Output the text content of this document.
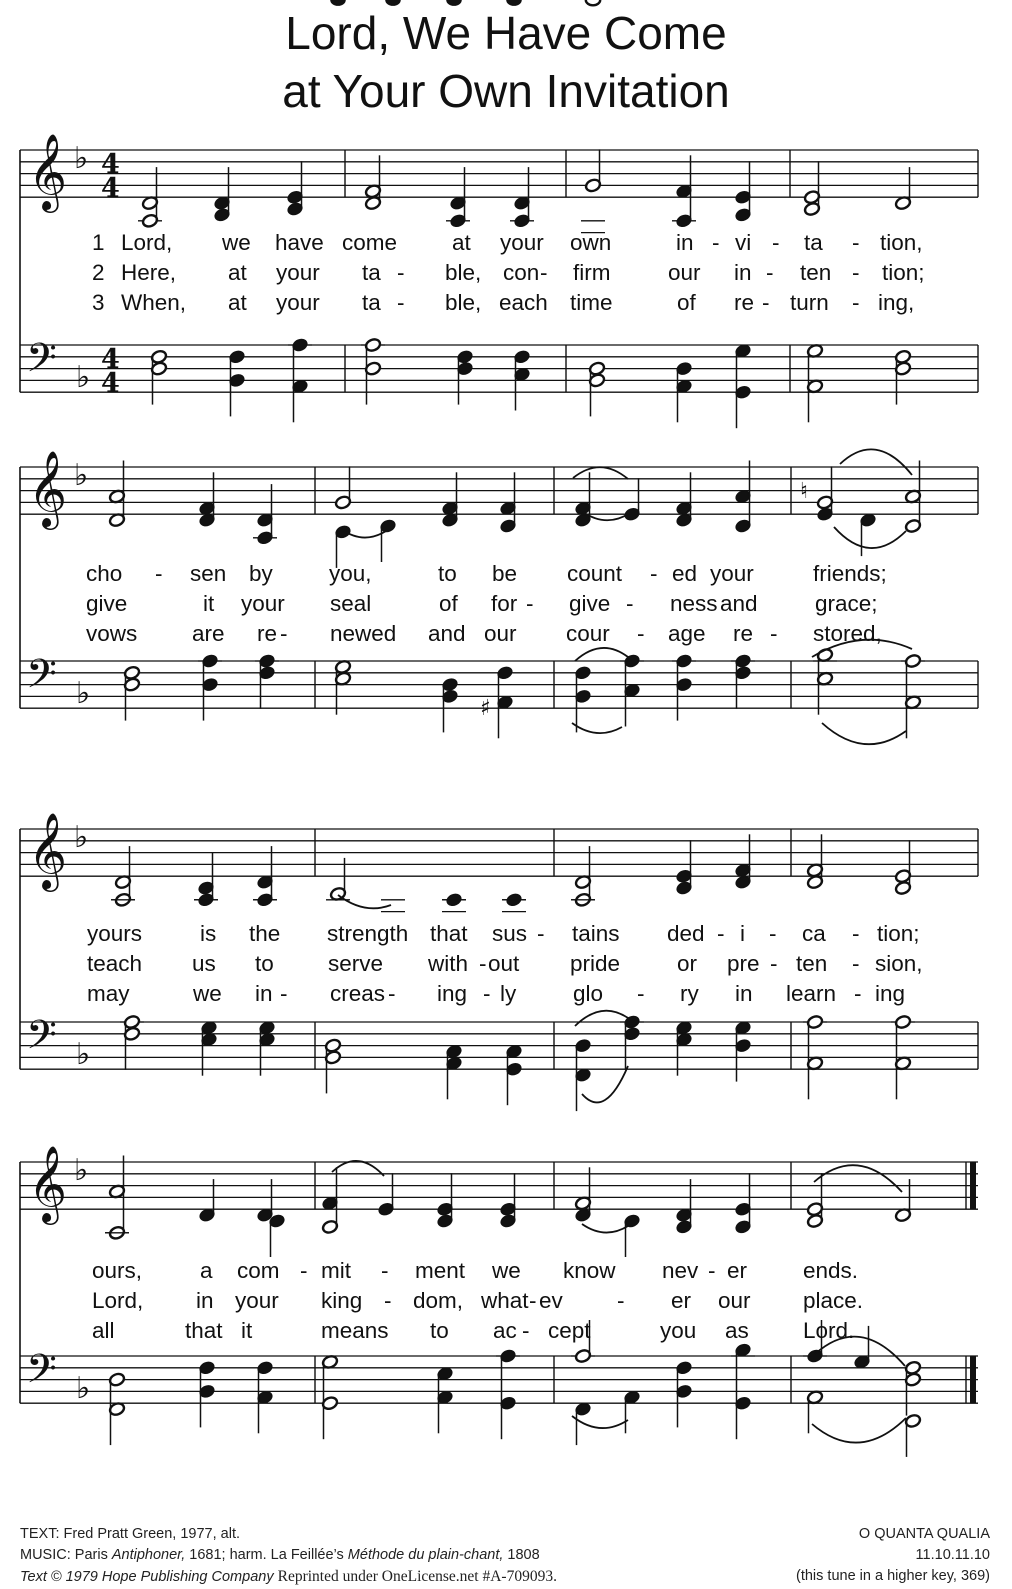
Lord, We Have Come
at Your Own Invitation
𝄞 ♭
𝄢 ♭
4
4
4
4
𝄞 ♭
𝄢 ♭
𝄞 ♭
𝄢 ♭
𝄞 ♭
𝄢 ♭
♮
♯
1 Lord, we have come at your own	in - vi - ta - tion,
2 Here, at your ta - ble, con - firm	our in - ten - tion;
3 When, at your ta - ble, each time	of re - turn - ing,
cho - sen by you,	to be count - ed your	friends;
give	it your seal	of for - give - ness and	grace;
vows are re - newed and our cour - age re - stored,
yours	is the strength that sus - tains ded - i - ca - tion;
teach us to serve with - out pride	or pre - ten - sion,
may	we in - creas - ing - ly	glo - ry in learn - ing
ours,	a com - mit - ment we know nev - er ends.
Lord, in your king - dom, what - ev - er our place.
all	that it	means to ac - cept	you as Lord.
TEXT: Fred Pratt Green, 1977, alt.
MUSIC: Paris Antiphoner, 1681; harm. La Feillée’s Méthode du plain-chant, 1808
Text © 1979 Hope Publishing Company Reprinted under OneLicense.net #A-709093.
O QUANTA QUALIA
11.10.11.10
(this tune in a higher key, 369)
